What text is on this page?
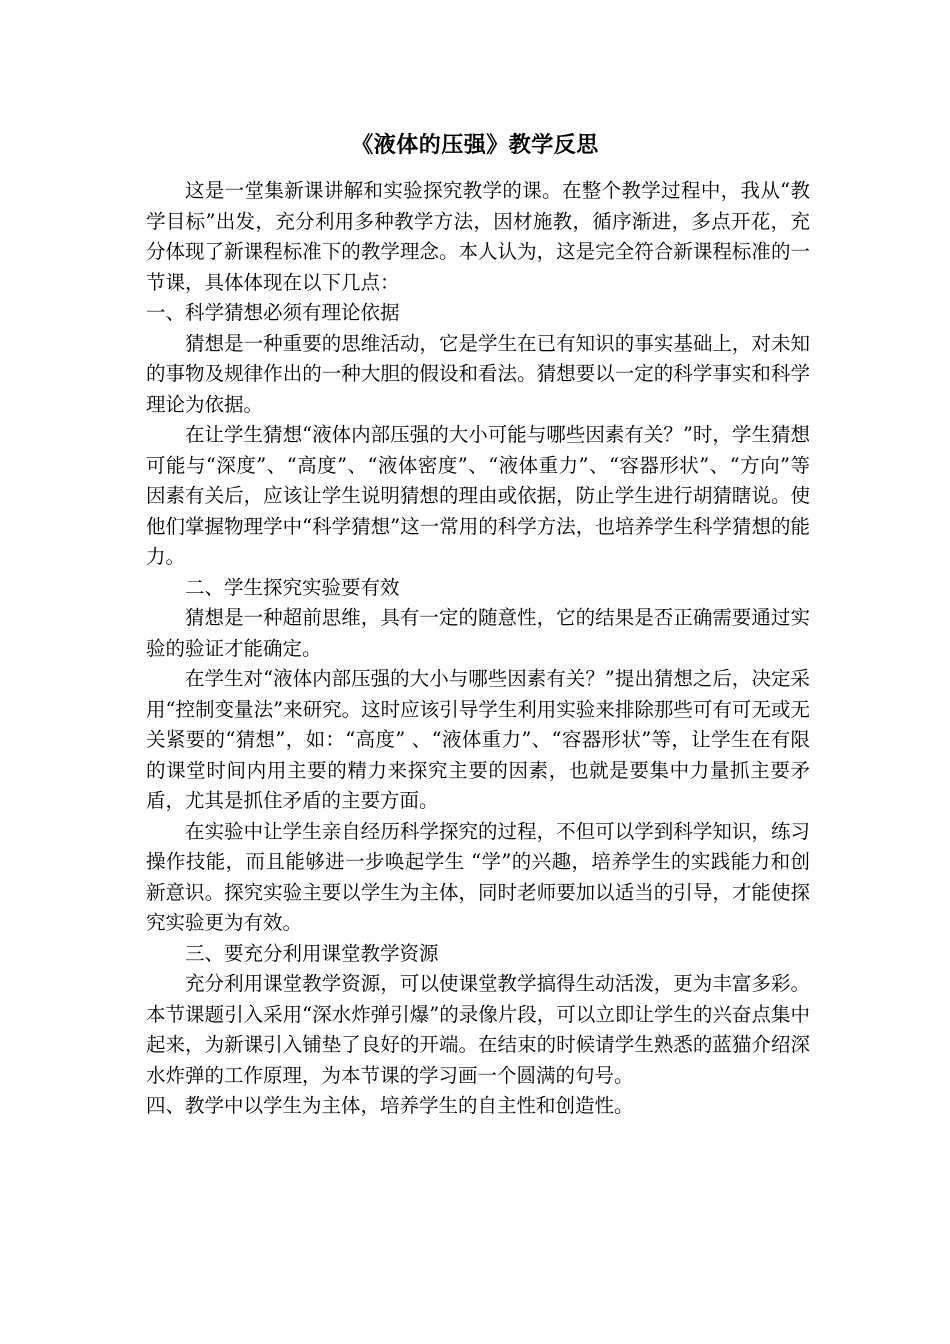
《液体的压强》教学反思

这是一堂集新课讲解和实验探究教学的课。在整个教学过程中，我从“教学目标”出发，充分利用多种教学方法，因材施教，循序渐进，多点开花，充分体现了新课程标准下的教学理念。本人认为，这是完全符合新课程标准的一节课，具体体现在以下几点：

一、科学猜想必须有理论依据

猜想是一种重要的思维活动，它是学生在已有知识的事实基础上，对未知的事物及规律作出的一种大胆的假设和看法。猜想要以一定的科学事实和科学理论为依据。

在让学生猜想“液体内部压强的大小可能与哪些因素有关？”时，学生猜想可能与“深度”、“高度”、“液体密度”、“液体重力”、“容器形状”、“方向”等因素有关后，应该让学生说明猜想的理由或依据，防止学生进行胡猜瞎说。使他们掌握物理学中“科学猜想”这一常用的科学方法，也培养学生科学猜想的能力。

二、学生探究实验要有效

猜想是一种超前思维，具有一定的随意性，它的结果是否正确需要通过实验的验证才能确定。

在学生对“液体内部压强的大小与哪些因素有关？”提出猜想之后，决定采用“控制变量法”来研究。这时应该引导学生利用实验来排除那些可有可无或无关紧要的“猜想”，如：“高度” 、“液体重力”、“容器形状”等，让学生在有限的课堂时间内用主要的精力来探究主要的因素，也就是要集中力量抓主要矛盾，尤其是抓住矛盾的主要方面。

在实验中让学生亲自经历科学探究的过程，不但可以学到科学知识，练习操作技能，而且能够进一步唤起学生 “学”的兴趣，培养学生的实践能力和创新意识。探究实验主要以学生为主体，同时老师要加以适当的引导，才能使探究实验更为有效。

三、要充分利用课堂教学资源

充分利用课堂教学资源，可以使课堂教学搞得生动活泼，更为丰富多彩。本节课题引入采用“深水炸弹引爆”的录像片段，可以立即让学生的兴奋点集中起来，为新课引入铺垫了良好的开端。在结束的时候请学生熟悉的蓝猫介绍深水炸弹的工作原理，为本节课的学习画一个圆满的句号。

四、教学中以学生为主体，培养学生的自主性和创造性。
